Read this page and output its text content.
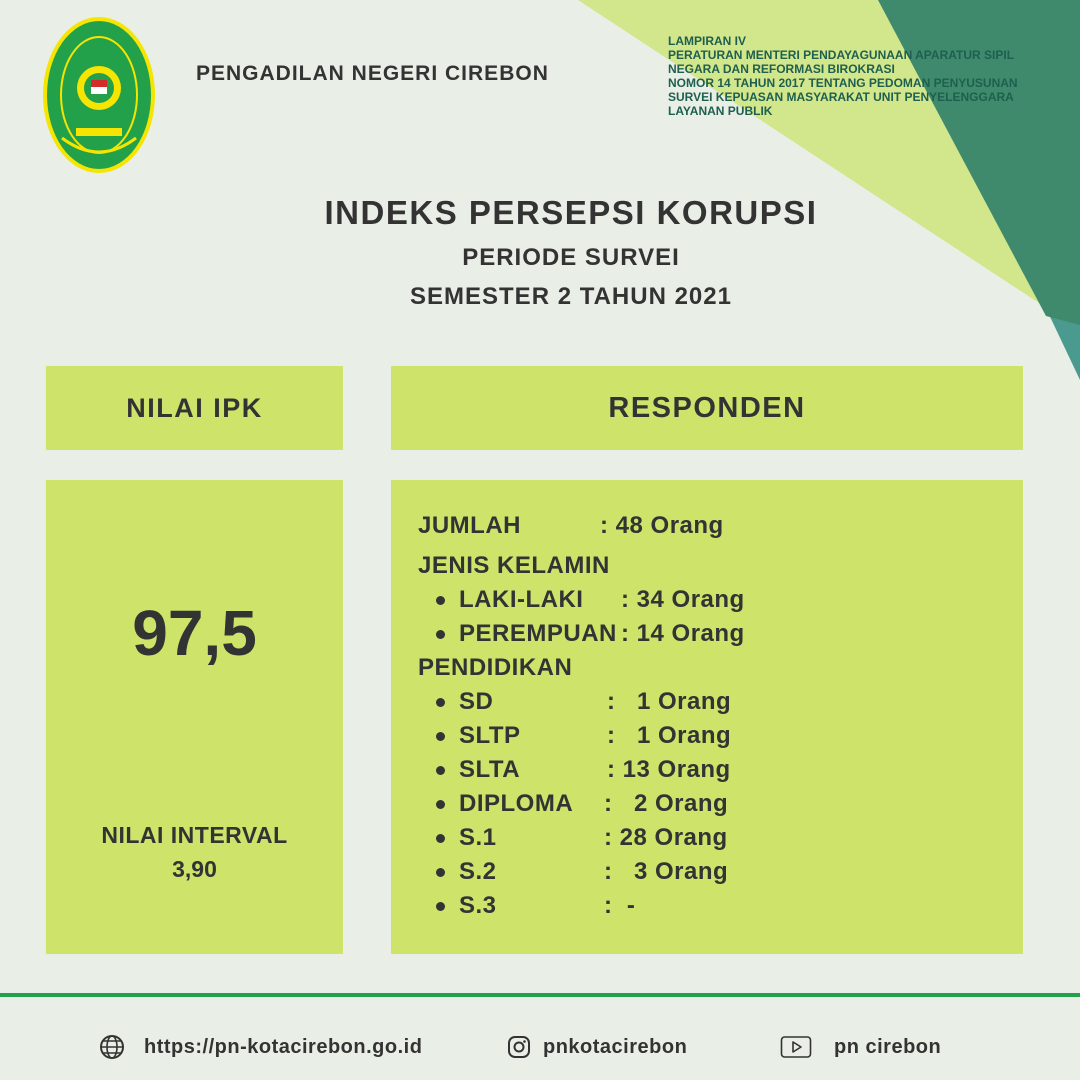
PENGADILAN NEGERI CIREBON
LAMPIRAN IV
PERATURAN MENTERI PENDAYAGUNAAN APARATUR SIPIL
NEGARA DAN REFORMASI BIROKRASI
NOMOR 14 TAHUN 2017 TENTANG PEDOMAN PENYUSUNAN
SURVEI KEPUASAN MASYARAKAT UNIT PENYELENGGARA
LAYANAN PUBLIK
INDEKS PERSEPSI KORUPSI
PERIODE SURVEI
SEMESTER 2 TAHUN 2021
NILAI IPK	RESPONDEN
97,5
NILAI INTERVAL
3,90
JUMLAH	: 48 Orang
JENIS KELAMIN
LAKI-LAKI : 34 Orang
PEREMPUAN : 14 Orang
PENDIDIKAN
SD	:   1 Orang
SLTP	:   1 Orang
SLTA	: 13 Orang
DIPLOMA :   2 Orang
S.1	: 28 Orang
S.2	:   3 Orang
S.3	:  -
https://pn-kotacirebon.go.id	pnkotacirebon	pn cirebon
